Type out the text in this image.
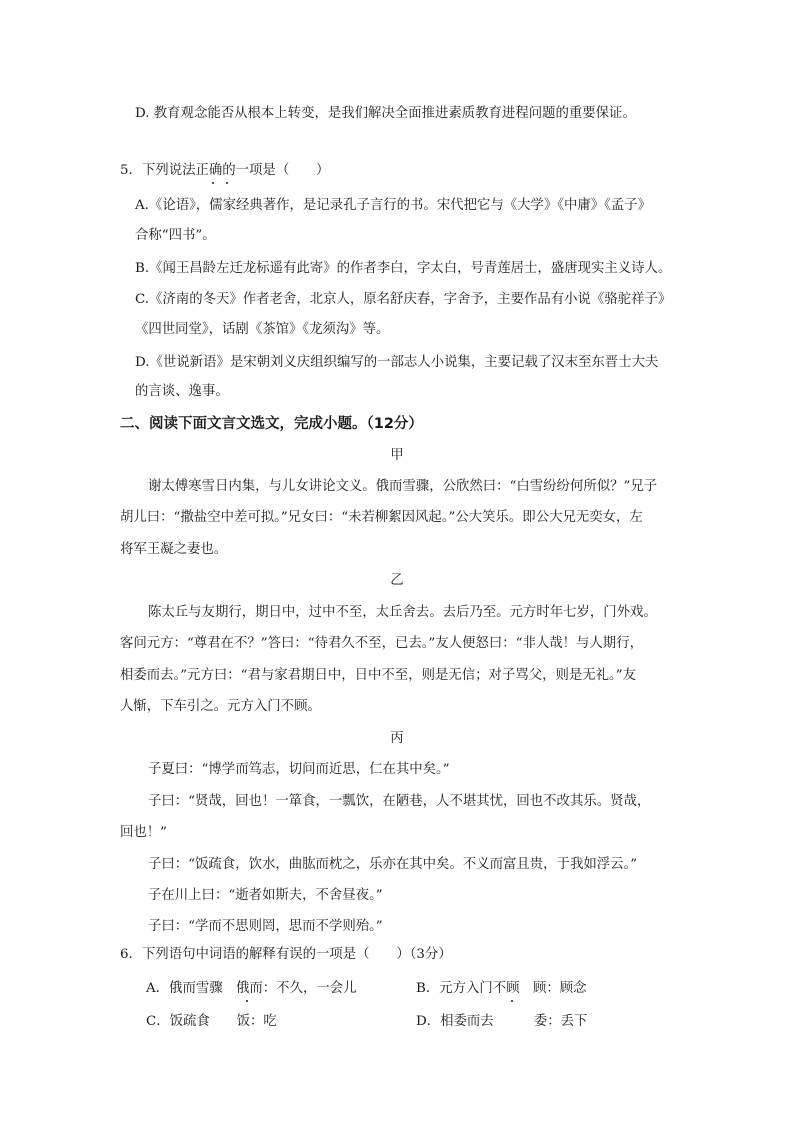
D. 教育观念能否从根本上转变，是我们解决全面推进素质教育进程问题的重要保证。
5．下列说法正确的一项是（　　）
A.《论语》，儒家经典著作，是记录孔子言行的书。宋代把它与《大学》《中庸》《孟子》
合称“四书”。
B.《闻王昌龄左迁龙标遥有此寄》的作者李白，字太白，号青莲居士，盛唐现实主义诗人。
C.《济南的冬天》作者老舍，北京人，原名舒庆春，字舍予，主要作品有小说《骆驼祥子》
《四世同堂》，话剧《茶馆》《龙须沟》等。
D.《世说新语》是宋朝刘义庆组织编写的一部志人小说集，主要记载了汉末至东晋士大夫
的言谈、逸事。
二、阅读下面文言文选文，完成小题。（12分）
甲
谢太傅寒雪日内集，与儿女讲论文义。俄而雪骤，公欣然曰：“白雪纷纷何所似？”兄子
胡儿曰：“撒盐空中差可拟。”兄女曰：“未若柳絮因风起。”公大笑乐。即公大兄无奕女，左
将军王凝之妻也。
乙
陈太丘与友期行，期日中，过中不至，太丘舍去。去后乃至。元方时年七岁，门外戏。
客问元方：“尊君在不？”答曰：“待君久不至，已去。”友人便怒曰：“非人哉！与人期行，
相委而去。”元方曰：“君与家君期日中，日中不至，则是无信；对子骂父，则是无礼。”友
人惭，下车引之。元方入门不顾。
丙
子夏曰：“博学而笃志，切问而近思，仁在其中矣。”
子曰：“贤哉，回也！一箪食，一瓢饮，在陋巷，人不堪其忧，回也不改其乐。贤哉，
回也！”
子曰：“饭疏食，饮水，曲肱而枕之，乐亦在其中矣。不义而富且贵，于我如浮云。”
子在川上曰：“逝者如斯夫，不舍昼夜。”
子曰：“学而不思则罔，思而不学则殆。”
6．下列语句中词语的解释有误的一项是（　　）（3分）
A．俄而雪骤　俄而：不久，一会儿	B．元方入门不顾　顾：顾念
C．饭疏食　　饭：吃	D．相委而去　　　委：丢下
